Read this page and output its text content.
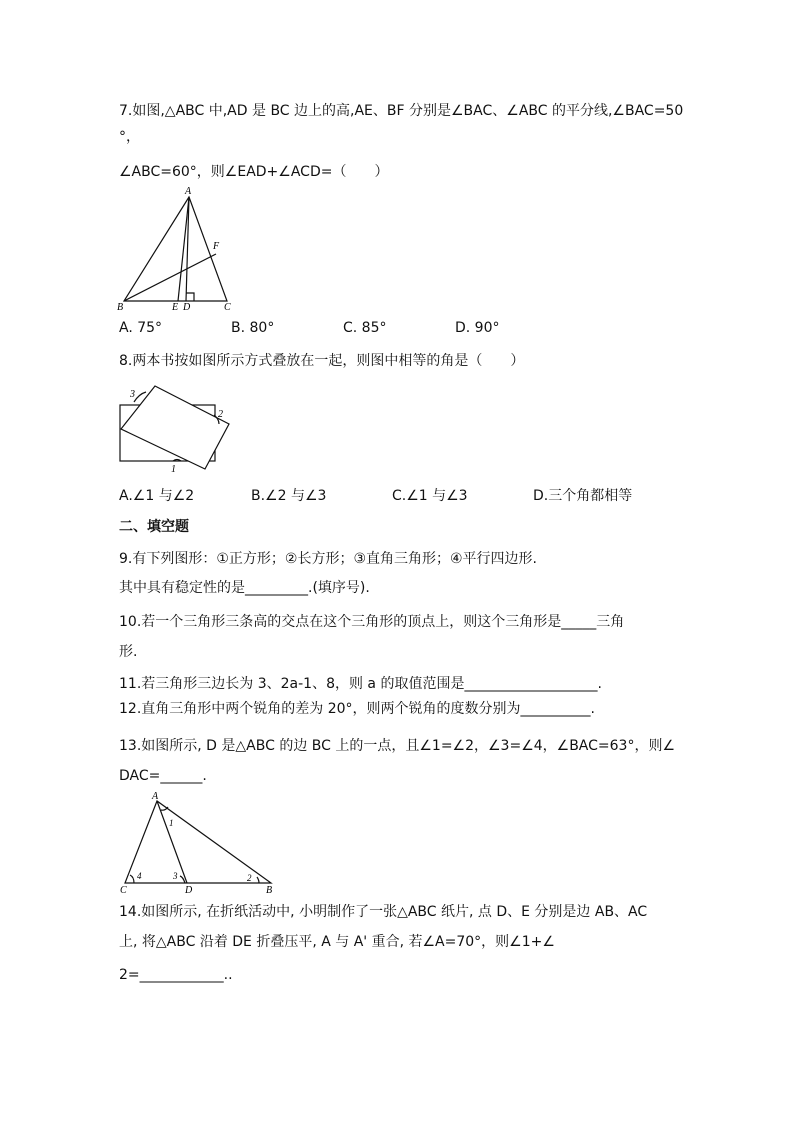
7.如图,△ABC 中,AD 是 BC 边上的高,AE、BF 分别是∠BAC、∠ABC 的平分线,∠BAC=50
°，
∠ABC=60°，则∠EAD+∠ACD=（　　）
A
F
B	E D	C
A. 75°	B. 80°	C. 85°	D. 90°
8.两本书按如图所示方式叠放在一起，则图中相等的角是（　　）
3
2
1
A.∠1 与∠2	B.∠2 与∠3	C.∠1 与∠3	D.三个角都相等
二、填空题
9.有下列图形：①正方形；②长方形；③直角三角形；④平行四边形.
其中具有稳定性的是_________.(填序号).
10.若一个三角形三条高的交点在这个三角形的顶点上，则这个三角形是_____三角
形.
11.若三角形三边长为 3、2a-1、8，则 a 的取值范围是___________________.
12.直角三角形中两个锐角的差为 20°，则两个锐角的度数分别为__________.
13.如图所示, D 是△ABC 的边 BC 上的一点，且∠1=∠2，∠3=∠4，∠BAC=63°，则∠
DAC=______.
A
1
4	3	2
C	D	B
14.如图所示, 在折纸活动中, 小明制作了一张△ABC 纸片, 点 D、E 分别是边 AB、AC
上, 将△ABC 沿着 DE 折叠压平, A 与 A' 重合, 若∠A=70°，则∠1+∠
2=____________..
